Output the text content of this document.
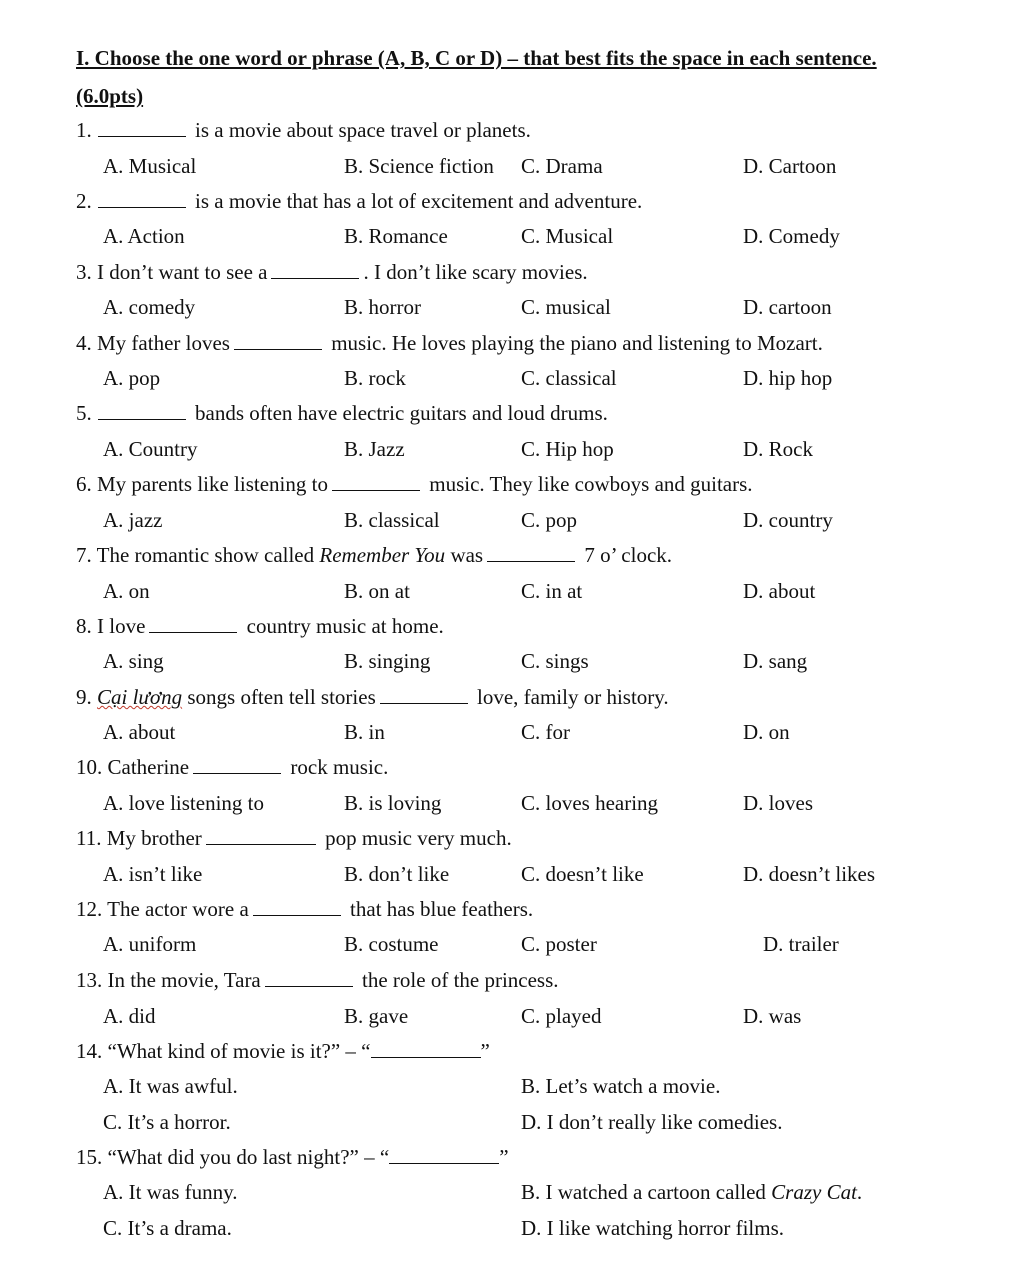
I. Choose the one word or phrase (A, B, C or D) – that best fits the space in each sentence.
(6.0pts)
1.	is a movie about space travel or planets.
A. Musical	B. Science fiction C. Drama	D. Cartoon
2.	is a movie that has a lot of excitement and adventure.
A. Action	B. Romance	C. Musical	D. Comedy
3. I don’t want to see a	. I don’t like scary movies.
A. comedy	B. horror	C. musical	D. cartoon
4. My father loves	music. He loves playing the piano and listening to Mozart.
A. pop	B. rock	C. classical	D. hip hop
5.	bands often have electric guitars and loud drums.
A. Country	B. Jazz	C. Hip hop	D. Rock
6. My parents like listening to	music. They like cowboys and guitars.
A. jazz	B. classical	C. pop	D. country
7. The romantic show called Remember You was	7 o’ clock.
A. on	B. on at	C. in at	D. about
8. I love	country music at home.
A. sing	B. singing	C. sings	D. sang
9. Cại lương songs often tell stories	love, family or history.
A. about	B. in	C. for	D. on
10. Catherine	rock music.
A. love listening to	B. is loving	C. loves hearing	D. loves
11. My brother	pop music very much.
A. isn’t like	B. don’t like	C. doesn’t like	D. doesn’t likes
12. The actor wore a	that has blue feathers.
A. uniform	B. costume	C. poster	D. trailer
13. In the movie, Tara	the role of the princess.
A. did	B. gave	C. played	D. was
14. “What kind of movie is it?” – “	”
A. It was awful.	B. Let’s watch a movie.
C. It’s a horror.	D. I don’t really like comedies.
15. “What did you do last night?” – “	”
A. It was funny.	B. I watched a cartoon called Crazy Cat.
C. It’s a drama.	D. I like watching horror films.
